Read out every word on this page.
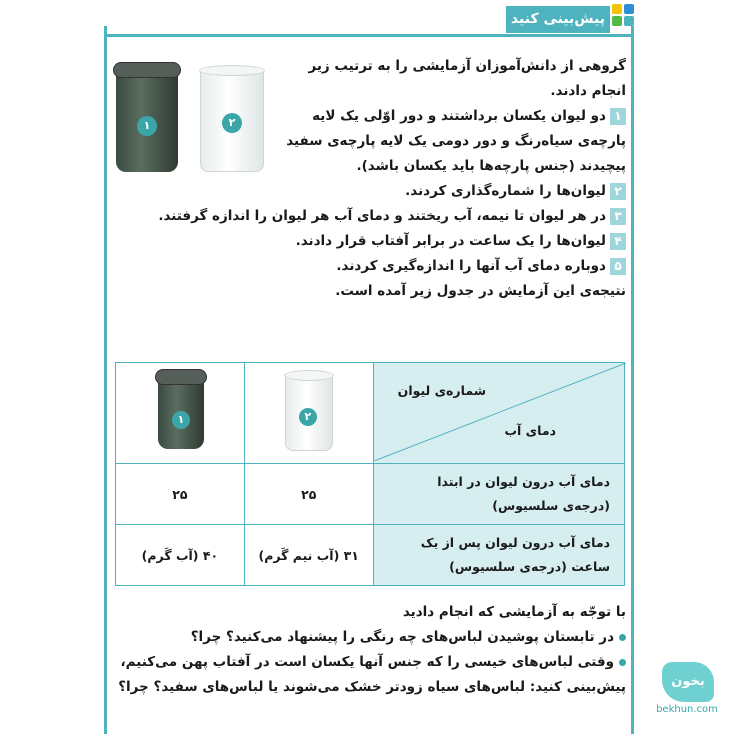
پیش‌بینی کنید
۱	۲
گروهی از دانش‌آموزان آزمایشی را به ترتیب زیر انجام دادند.
۱دو لیوان یکسان برداشتند و دور اوّلی یک لایه پارچه‌ی سیاه‌رنگ و دور دومی یک لایه پارچه‌ی سفید پیچیدند (جنس پارچه‌ها باید یکسان باشد).
۲لیوان‌ها را شماره‌گذاری کردند.
۳در هر لیوان تا نیمه، آب ریختند و دمای آب هر لیوان را اندازه گرفتند.
۴لیوان‌ها را یک ساعت در برابر آفتاب قرار دادند.
۵دوباره دمای آب آنها را اندازه‌گیری کردند.
نتیجه‌ی این آزمایش در جدول زیر آمده است.
شماره‌ی لیوان
دمای آب	۲	۱

دمای آب درون لیوان در ابتدا (درجه‌ی سلسیوس)	۲۵	۲۵
دمای آب درون لیوان پس از یک ساعت (درجه‌ی سلسیوس)	۳۱ (آب نیم گَرم)	۴۰ (آب گَرم)
با توجّه به آزمایشی که انجام دادید
در تابستان پوشیدن لباس‌های چه رنگی را پیشنهاد می‌کنید؟ چرا؟
وقتی لباس‌های خیسی را که جنس آنها یکسان است در آفتاب پهن می‌کنیم، پیش‌بینی کنید: لباس‌های سیاه زودتر خشک می‌شوند یا لباس‌های سفید؟ چرا؟	بخون
bekhun.com
